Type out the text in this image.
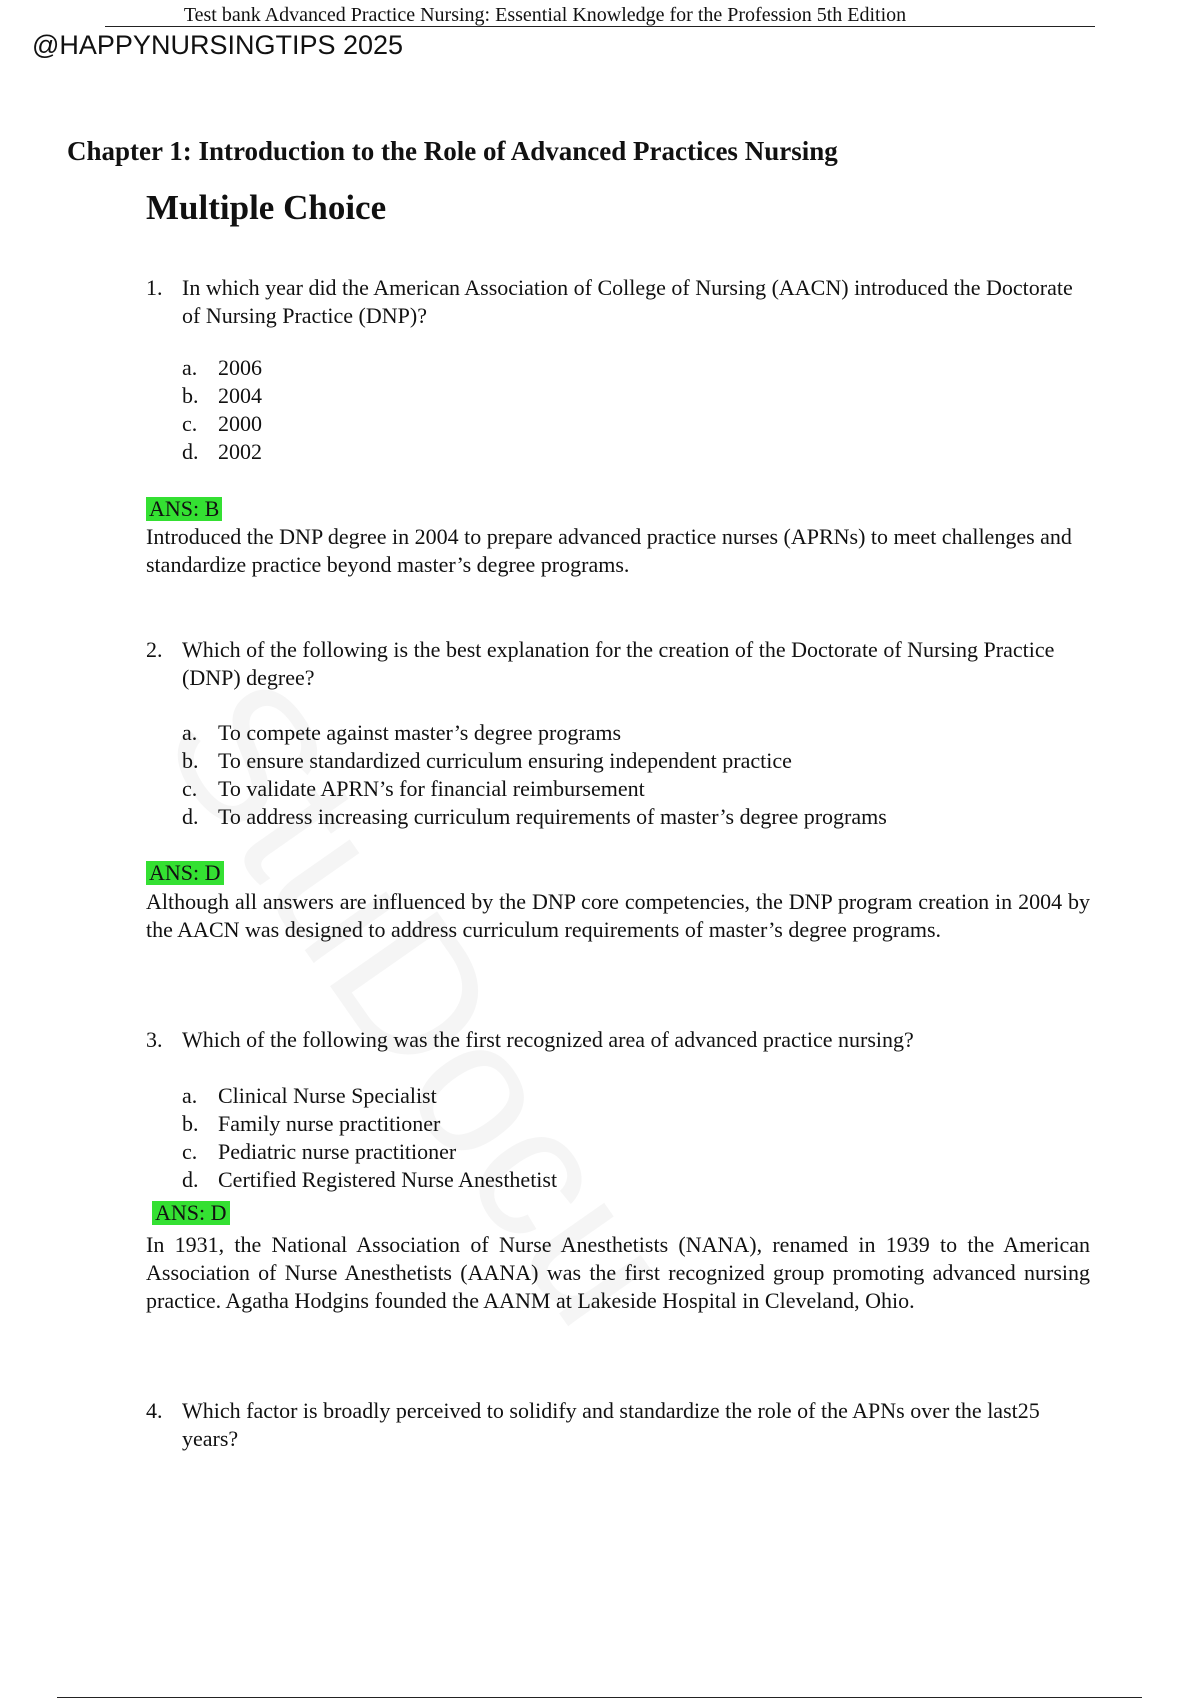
Test bank Advanced Practice Nursing: Essential Knowledge for the Profession 5th Edition
@HAPPYNURSINGTIPS 2025
Chapter 1: Introduction to the Role of Advanced Practices Nursing
Multiple Choice
1. In which year did the American Association of College of Nursing (AACN) introduced the Doctorate of Nursing Practice (DNP)?
a. 2006
b. 2004
c. 2000
d. 2002
ANS: B
Introduced the DNP degree in 2004 to prepare advanced practice nurses (APRNs) to meet challenges and standardize practice beyond master’s degree programs.
2. Which of the following is the best explanation for the creation of the Doctorate of Nursing Practice (DNP) degree?
a. To compete against master’s degree programs
b. To ensure standardized curriculum ensuring independent practice
c. To validate APRN’s for financial reimbursement
d. To address increasing curriculum requirements of master’s degree programs
ANS: D
Although all answers are influenced by the DNP core competencies, the DNP program creation in 2004 by the AACN was designed to address curriculum requirements of master’s degree programs.
3. Which of the following was the first recognized area of advanced practice nursing?
a. Clinical Nurse Specialist
b. Family nurse practitioner
c. Pediatric nurse practitioner
d. Certified Registered Nurse Anesthetist
ANS: D
In 1931, the National Association of Nurse Anesthetists (NANA), renamed in 1939 to the American Association of Nurse Anesthetists (AANA) was the first recognized group promoting advanced nursing practice. Agatha Hodgins founded the AANM at Lakeside Hospital in Cleveland, Ohio.
4. Which factor is broadly perceived to solidify and standardize the role of the APNs over the last25 years?
